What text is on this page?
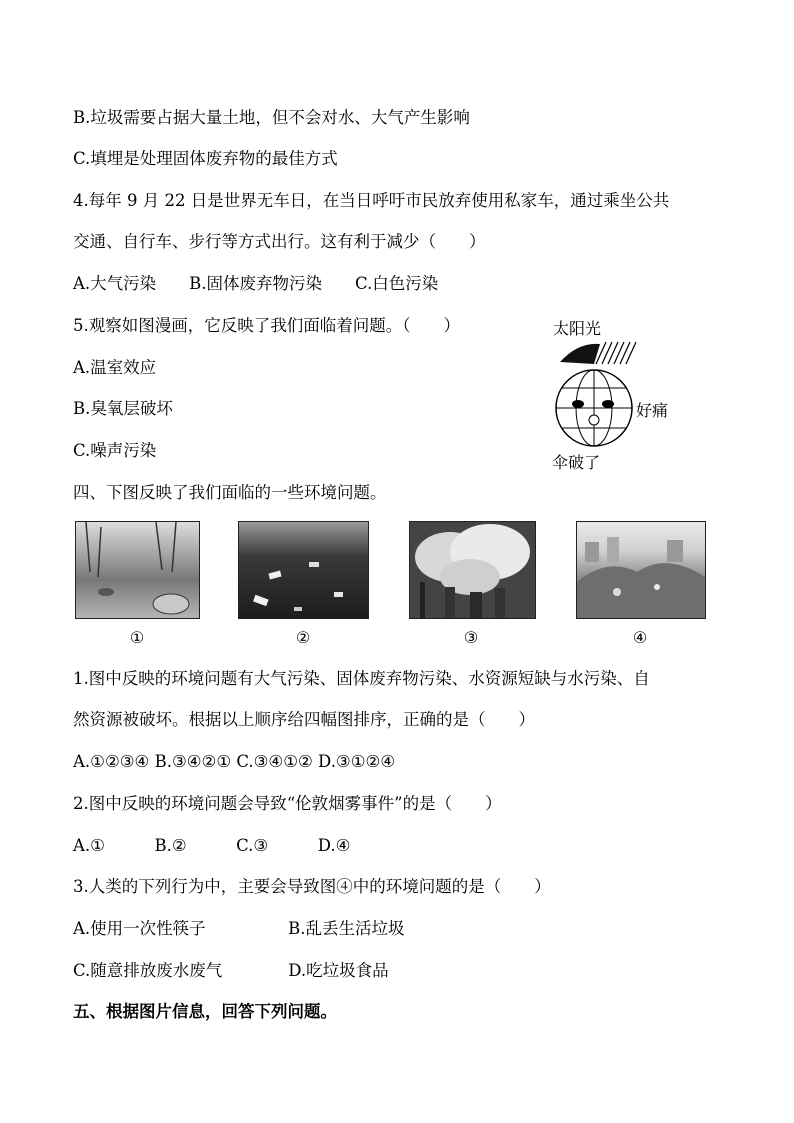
B.垃圾需要占据大量土地，但不会对水、大气产生影响
C.填埋是处理固体废弃物的最佳方式
4.每年 9 月 22 日是世界无车日，在当日呼吁市民放弃使用私家车，通过乘坐公共
交通、自行车、步行等方式出行。这有利于减少（　　）
A.大气污染　　B.固体废弃物污染　　C.白色污染
5.观察如图漫画，它反映了我们面临着问题。（　　）
A.温室效应
B.臭氧层破坏
C.噪声污染
四、下图反映了我们面临的一些环境问题。
太阳光
好痛
伞破了
①	②	③	④
1.图中反映的环境问题有大气污染、固体废弃物污染、水资源短缺与水污染、自
然资源被破坏。根据以上顺序给四幅图排序，正确的是（　　）
A.①②③④ B.③④②① C.③④①② D.③①②④
2.图中反映的环境问题会导致“伦敦烟雾事件”的是（　　）
A.①　　　B.②　　　C.③　　　D.④
3.人类的下列行为中，主要会导致图④中的环境问题的是（　　）
A.使用一次性筷子　　　　　B.乱丢生活垃圾
C.随意排放废水废气　　　　D.吃垃圾食品
五、根据图片信息，回答下列问题。
